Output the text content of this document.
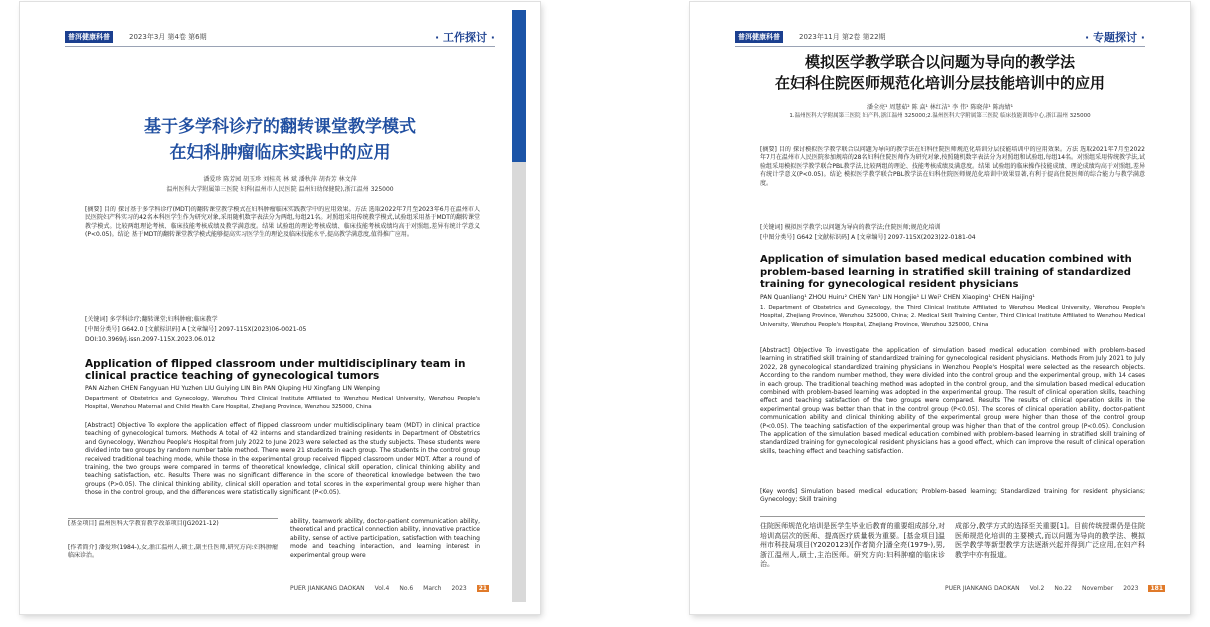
普洱健康科普	2023年3月 第4卷 第6期	· 工作探讨 ·
基于多学科诊疗的翻转课堂教学模式
在妇科肿瘤临床实践中的应用
潘爱珍 陈芳园 胡玉珍 刘桂英 林 斌 潘秋萍 胡杏芳 林文萍
温州医科大学附属第三医院 妇科(温州市人民医院 温州妇幼保健院),浙江温州 325000
[摘要] 目的 探讨基于多学科诊疗(MDT)的翻转课堂教学模式在妇科肿瘤临床实践教学中的应用效果。方法 选取2022年7月至2023年6月在温州市人民医院妇产科实习的42名本科医学生作为研究对象,采用随机数字表法分为两组,每组21名。对照组采用传统教学模式,试验组采用基于MDT的翻转课堂教学模式。比较两组理论考核、临床技能考核成绩及教学满意度。结果 试验组的理论考核成绩、临床技能考核成绩均高于对照组,差异有统计学意义(P<0.05)。结论 基于MDT的翻转课堂教学模式能够提高实习医学生的理论及临床技能水平,提高教学满意度,值得推广应用。
[关键词] 多学科诊疗;翻转课堂;妇科肿瘤;临床教学
[中图分类号] G642.0 [文献标识码] A [文章编号] 2097-115X(2023)06-0021-05
DOI:10.3969/j.issn.2097-115X.2023.06.012
Application of flipped classroom under multidisciplinary team in clinical practice teaching of gynecological tumors
PAN Aizhen CHEN Fangyuan HU Yuzhen LIU Guiying LIN Bin PAN Qiuping HU Xingfang LIN Wenping
Department of Obstetrics and Gynecology, Wenzhou Third Clinical Institute Affiliated to Wenzhou Medical University, Wenzhou People's Hospital, Wenzhou Maternal and Child Health Care Hospital, Zhejiang Province, Wenzhou 325000, China
[Abstract] Objective To explore the application effect of flipped classroom under multidisciplinary team (MDT) in clinical practice teaching of gynecological tumors. Methods A total of 42 interns and standardized training residents in Department of Obstetrics and Gynecology, Wenzhou People's Hospital from July 2022 to June 2023 were selected as the study subjects. These students were divided into two groups by random number table method. There were 21 students in each group. The students in the control group received traditional teaching mode, while those in the experimental group received flipped classroom under MDT. After a round of training, the two groups were compared in terms of theoretical knowledge, clinical skill operation, clinical thinking ability and teaching satisfaction, etc. Results There was no significant difference in the score of theoretical knowledge between the two groups (P>0.05). The clinical thinking ability, clinical skill operation and total scores in the experimental group were higher than those in the control group, and the differences were statistically significant (P<0.05).
[基金项目] 温州医科大学教育教学改革项目(JG2021-12)
[作者简介] 潘爱珍(1984-),女,浙江温州人,硕士,副主任医师,研究方向:妇科肿瘤临床诊治。
ability, teamwork ability, doctor-patient communication ability, theoretical and practical connection ability, innovative practice ability, sense of active participation, satisfaction with teaching mode and teaching interaction, and learning interest in experimental group were
PUER JIANKANG DAOKAN Vol.4 No.6 March 2023	21
普洱健康科普	2023年11月 第2卷 第22期	· 专题探讨 ·
模拟医学教学联合以问题为导向的教学法
在妇科住院医师规范化培训分层技能培训中的应用
潘全亮¹ 周慧茹² 陈 焱¹ 林红洁¹ 李 伟¹ 陈晓萍¹ 陈海婧¹
1.温州医科大学附属第三医院 妇产科,浙江温州 325000;2.温州医科大学附属第三医院 临床技能训练中心,浙江温州 325000
[摘要] 目的 探讨模拟医学教学联合以问题为导向的教学法在妇科住院医师规范化培训分层技能培训中的应用效果。方法 选取2021年7月至2022年7月在温州市人民医院参加规培的28名妇科住院医师作为研究对象,按照随机数字表法分为对照组和试验组,每组14名。对照组采用传统教学法,试验组采用模拟医学教学联合PBL教学法,比较两组的理论、技能考核成绩及满意度。结果 试验组的临床操作技能成绩、理论成绩均高于对照组,差异有统计学意义(P<0.05)。结论 模拟医学教学联合PBL教学法在妇科住院医师规范化培训中效果显著,有利于提高住院医师的综合能力与教学满意度。
[关键词] 模拟医学教学;以问题为导向的教学法;住院医师;规范化培训
[中图分类号] G642 [文献标识码] A [文章编号] 2097-115X(2023)22-0181-04
Application of simulation based medical education combined with problem-based learning in stratified skill training of standardized training for gynecological resident physicians
PAN Quanliang¹ ZHOU Huiru² CHEN Yan¹ LIN Hongjie¹ LI Wei¹ CHEN Xiaoping¹ CHEN Haijing¹
1. Department of Obstetrics and Gynecology, the Third Clinical Institute Affiliated to Wenzhou Medical University, Wenzhou People's Hospital, Zhejiang Province, Wenzhou 325000, China; 2. Medical Skill Training Center, Third Clinical Institute Affiliated to Wenzhou Medical University, Wenzhou People's Hospital, Zhejiang Province, Wenzhou 325000, China
[Abstract] Objective To investigate the application of simulation based medical education combined with problem-based learning in stratified skill training of standardized training for gynecological resident physicians. Methods From July 2021 to July 2022, 28 gynecological standardized training physicians in Wenzhou People's Hospital were selected as the research objects. According to the random number method, they were divided into the control group and the experimental group, with 14 cases in each group. The traditional teaching method was adopted in the control group, and the simulation based medical education combined with problem-based learning was adopted in the experimental group. The result of clinical operation skills, teaching effect and teaching satisfaction of the two groups were compared. Results The results of clinical operation skills in the experimental group was better than that in the control group (P<0.05). The scores of clinical operation ability, doctor-patient communication ability and clinical thinking ability of the experimental group were higher than those of the control group (P<0.05). The teaching satisfaction of the experimental group was higher than that of the control group (P<0.05). Conclusion The application of the simulation based medical education combined with problem-based learning in stratified skill training of standardized training for gynecological resident physicians has a good effect, which can improve the result of clinical operation skills, teaching effect and teaching satisfaction.
[Key words] Simulation based medical education; Problem-based learning; Standardized training for resident physicians; Gynecology; Skill training
住院医师规范化培训是医学生毕业后教育的重要组成部分,对培训高层次的医师、提高医疗质量极为重要。[基金项目]温州市科技局项目(Y2020123)[作者简介]潘全亮(1979-),男,浙江温州人,硕士,主治医师。研究方向:妇科肿瘤的临床诊治。
成部分,教学方式的选择至关重要[1]。目前传统授课仍是住院医师规范化培训的主要模式,而以问题为导向的教学法、模拟医学教学等新型教学方法逐渐兴起并得到广泛应用,在妇产科教学中亦有报道。
PUER JIANKANG DAOKAN Vol.2 No.22 November 2023	181
